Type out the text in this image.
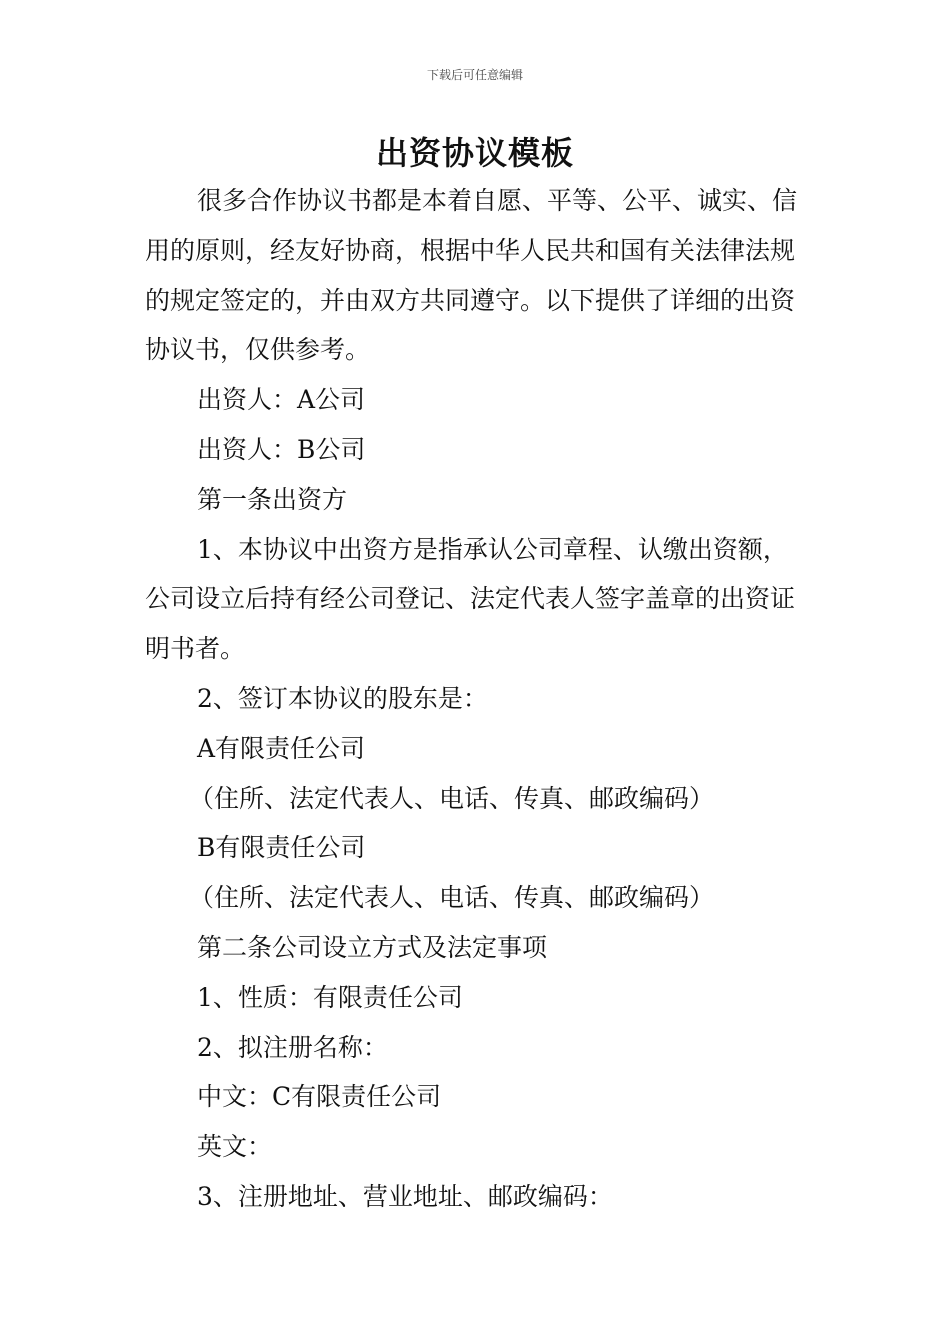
下载后可任意编辑
出资协议模板

很多合作协议书都是本着自愿、平等、公平、诚实、信用的原则，经友好协商，根据中华人民共和国有关法律法规的规定签定的，并由双方共同遵守。以下提供了详细的出资协议书，仅供参考。

出资人：A公司

出资人：B公司

第一条出资方

1、本协议中出资方是指承认公司章程、认缴出资额，公司设立后持有经公司登记、法定代表人签字盖章的出资证明书者。

2、签订本协议的股东是：

A有限责任公司

（住所、法定代表人、电话、传真、邮政编码）

B有限责任公司

（住所、法定代表人、电话、传真、邮政编码）

第二条公司设立方式及法定事项

1、性质：有限责任公司

2、拟注册名称：

中文：C有限责任公司

英文：

3、注册地址、营业地址、邮政编码：
